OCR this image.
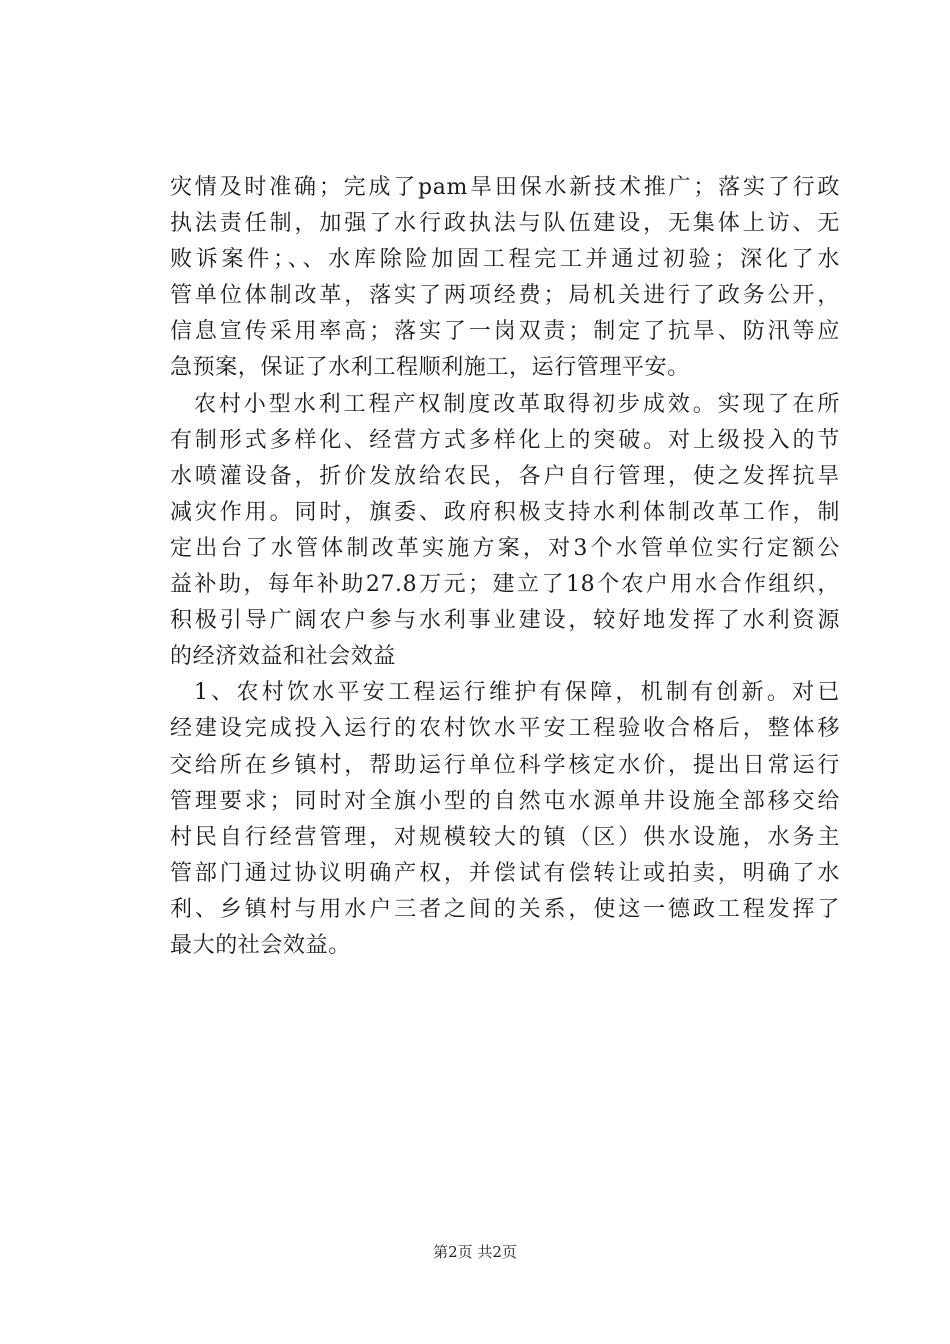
灾情及时准确；完成了pam旱田保水新技术推广；落实了行政
执法责任制，加强了水行政执法与队伍建设，无集体上访、无
败诉案件；、、水库除险加固工程完工并通过初验；深化了水
管单位体制改革，落实了两项经费；局机关进行了政务公开，
信息宣传采用率高；落实了一岗双责；制定了抗旱、防汛等应
急预案，保证了水利工程顺利施工，运行管理平安。
农村小型水利工程产权制度改革取得初步成效。实现了在所
有制形式多样化、经营方式多样化上的突破。对上级投入的节
水喷灌设备，折价发放给农民，各户自行管理，使之发挥抗旱
减灾作用。同时，旗委、政府积极支持水利体制改革工作，制
定出台了水管体制改革实施方案，对3个水管单位实行定额公
益补助，每年补助27.8万元；建立了18个农户用水合作组织，
积极引导广阔农户参与水利事业建设，较好地发挥了水利资源
的经济效益和社会效益
1、农村饮水平安工程运行维护有保障，机制有创新。对已
经建设完成投入运行的农村饮水平安工程验收合格后，整体移
交给所在乡镇村，帮助运行单位科学核定水价，提出日常运行
管理要求；同时对全旗小型的自然屯水源单井设施全部移交给
村民自行经营管理，对规模较大的镇（区）供水设施，水务主
管部门通过协议明确产权，并偿试有偿转让或拍卖，明确了水
利、乡镇村与用水户三者之间的关系，使这一德政工程发挥了
最大的社会效益。
第2页 共2页
